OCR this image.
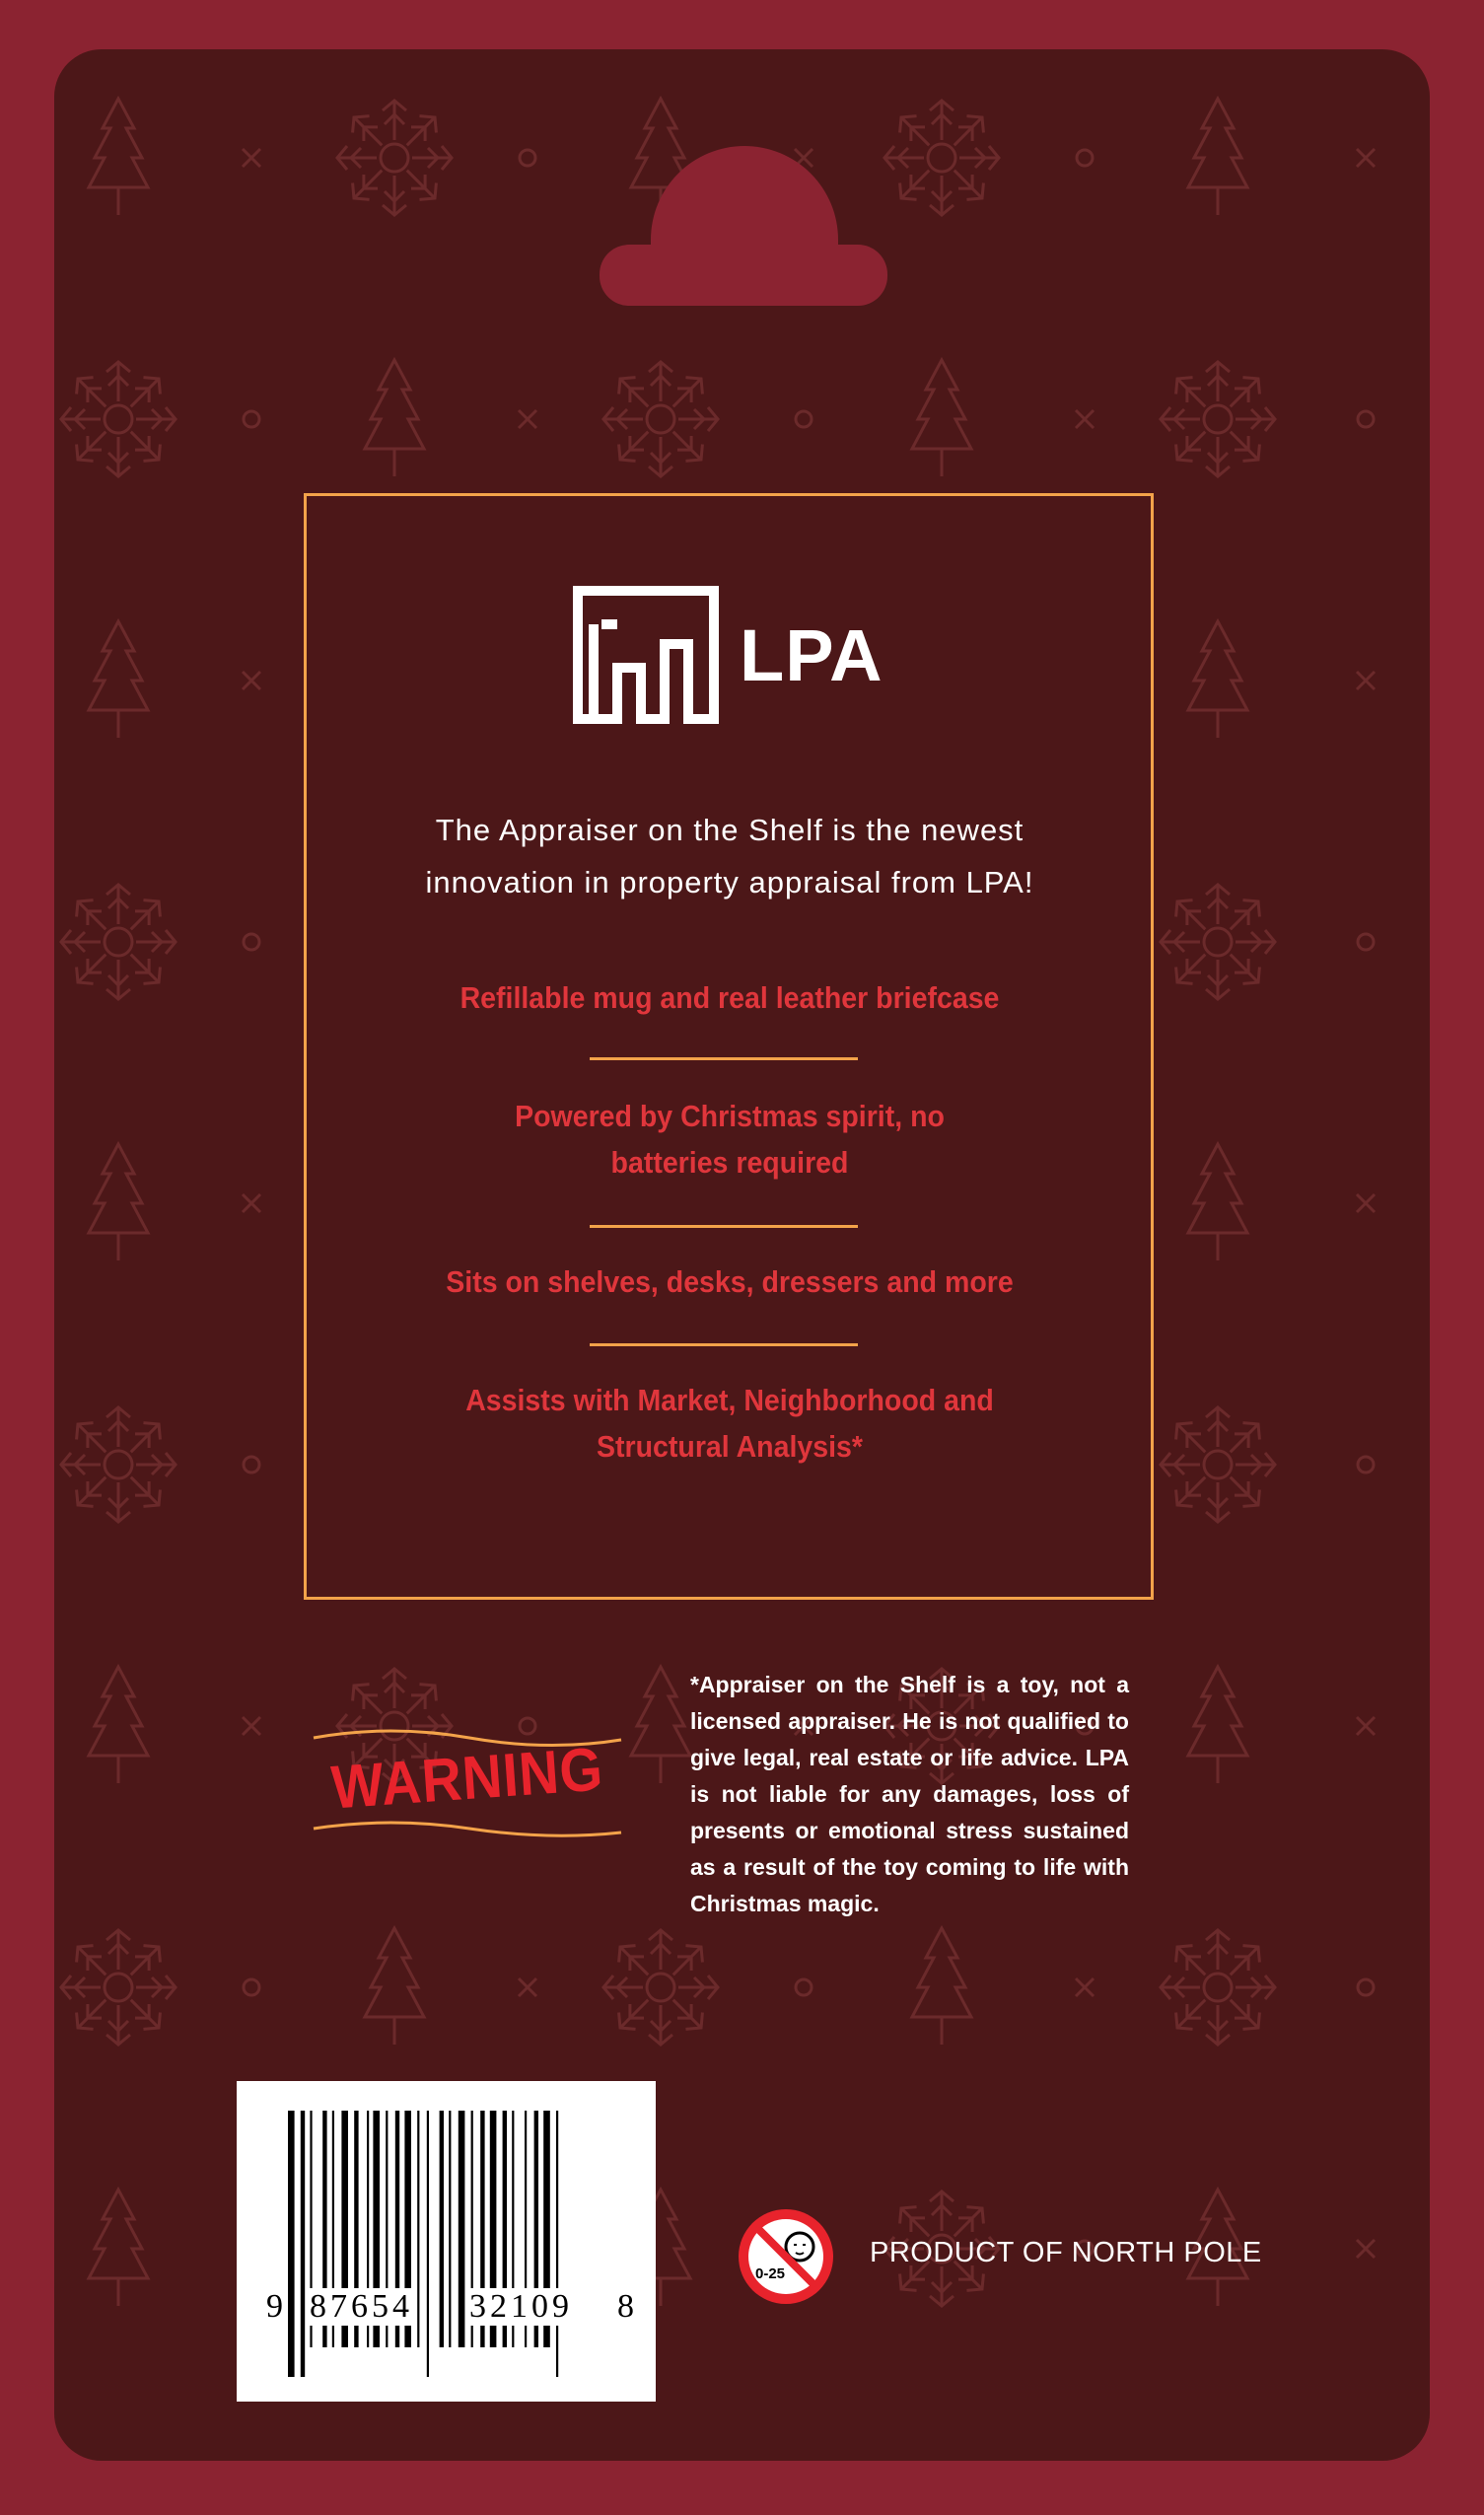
LPA
The Appraiser on the Shelf is the newest
innovation in property appraisal from LPA!
Refillable mug and real leather briefcase
Powered by Christmas spirit, no
batteries required
Sits on shelves, desks, dressers and more
Assists with Market, Neighborhood and
Structural Analysis*
WARNING
*Appraiser on the Shelf is a toy, not a licensed appraiser. He is not qualified to give legal, real estate or life advice. LPA is not liable for any damages, loss of presents or emotional stress sustained as a result of the toy coming to life with Christmas magic.
9 87654 32109 8
0-25
PRODUCT OF NORTH POLE
